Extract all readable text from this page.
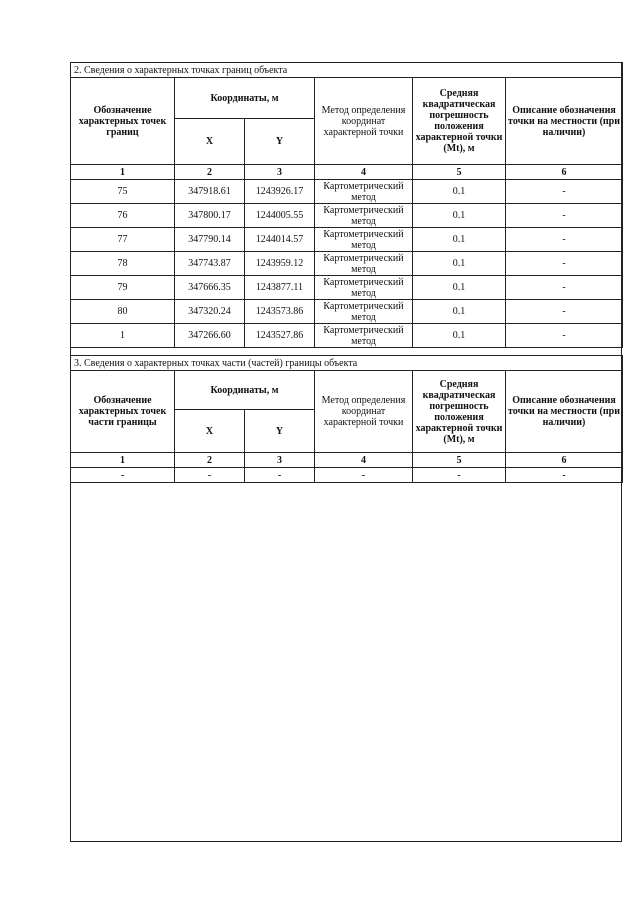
2. Сведения о характерных точках границ объекта					
Обозначение характерных точек границ	Координаты, м		Метод определения координат характерной точки	Средняя квадратическая погрешность положения характерной точки (Mt), м	Описание обозначения точки на местности (при наличии)
	X	Y			
1	2	3	4	5	6
75	347918.61	1243926.17	Картометрический метод	0.1	-
76	347800.17	1244005.55	Картометрический метод	0.1	-
77	347790.14	1244014.57	Картометрический метод	0.1	-
78	347743.87	1243959.12	Картометрический метод	0.1	-
79	347666.35	1243877.11	Картометрический метод	0.1	-
80	347320.24	1243573.86	Картометрический метод	0.1	-
1	347266.60	1243527.86	Картометрический метод	0.1	-
3. Сведения о характерных точках части (частей) границы объекта					
Обозначение характерных точек части границы	Координаты, м		Метод определения координат характерной точки	Средняя квадратическая погрешность положения характерной точки (Mt), м	Описание обозначения точки на местности (при наличии)
	X	Y			
1	2	3	4	5	6
-	-	-	-	-	-
